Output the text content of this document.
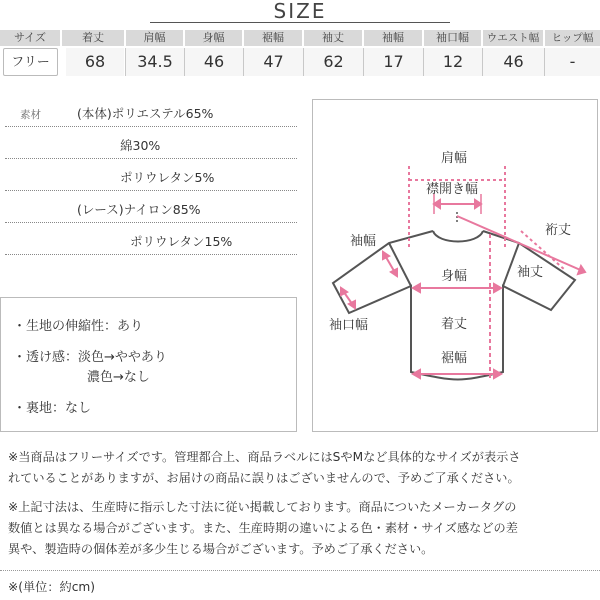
SIZE
サイズ	着丈	肩幅	身幅	裾幅	袖丈	袖幅	袖口幅	ウエスト幅	ヒップ幅
フリー	68	34.5	46	47	62	17	12	46	-
素材	(本体)ポリエステル65%
綿30%
ポリウレタン5%
(レース)ナイロン85%
ポリウレタン15%
・生地の伸縮性：あり
・透け感：淡色→ややあり
濃色→なし
・裏地：なし
肩幅
襟開き幅
裄丈
袖幅
袖丈
身幅
袖口幅	着丈
裾幅
※当商品はフリーサイズです。管理都合上、商品ラベルにはSやMなど具体的なサイズが表示さ
れていることがありますが、お届けの商品に誤りはございませんので、予めご了承ください。
※上記寸法は、生産時に指示した寸法に従い掲載しております。商品についたメーカータグの
数値とは異なる場合がございます。また、生産時期の違いによる色・素材・サイズ感などの差
異や、製造時の個体差が多少生じる場合がございます。予めご了承ください。
※(単位：約cm)
